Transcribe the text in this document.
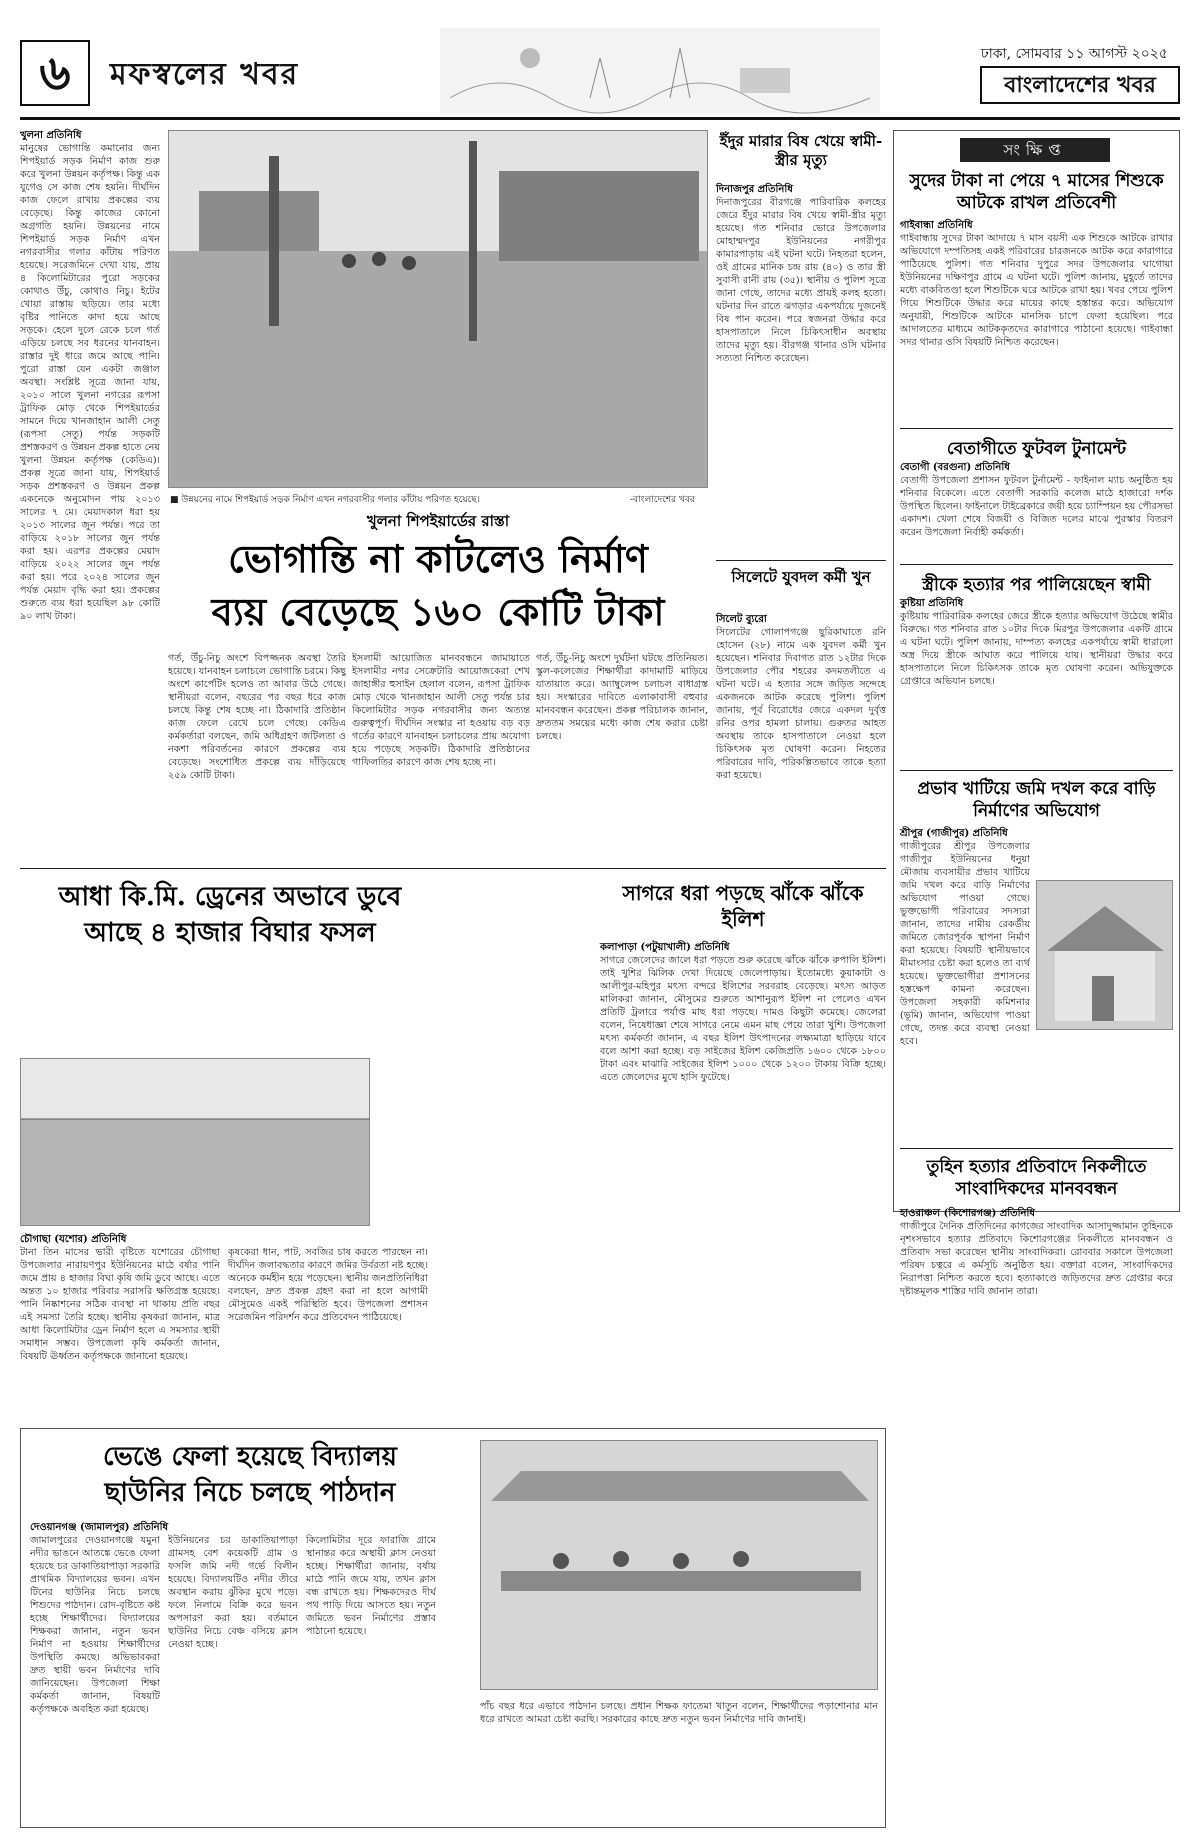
৬	মফস্বলের খবর
ঢাকা, সোমবার ১১ আগস্ট ২০২৫
বাংলাদেশের খবর
খুলনা প্রতিনিধি
মানুষের ভোগান্তি কমানোর জন্য শিপইয়ার্ড সড়ক নির্মাণ কাজ শুরু করে খুলনা উন্নয়ন কর্তৃপক্ষ। কিন্তু এক যুগেও সে কাজ শেষ হয়নি। দীর্ঘদিন কাজ ফেলে রাখায় প্রকল্পের ব্যয় বেড়েছে। কিন্তু কাজের কোনো অগ্রগতি হয়নি। উন্নয়নের নামে শিপইয়ার্ড সড়ক নির্মাণ এখন নগরবাসীর গলার কাঁটায় পরিণত হয়েছে। সরেজমিনে দেখা যায়, প্রায় ৪ কিলোমিটারের পুরো সড়কের কোথাও উঁচু, কোথাও নিচু। ইটের খোয়া রাস্তায় ছড়িয়ে। তার মধ্যে বৃষ্টির পানিতে কাদা হয়ে আছে সড়কে। হেলে দুলে রেকে চলে গর্ত এড়িয়ে চলছে সব ধরনের যানবাহন। রাস্তার দুই ধারে জমে আছে পানি। পুরো রাস্তা যেন একটা জঞ্জাল অবস্থা। সংশ্লিষ্ট সূত্রে জানা যায়, ২০১০ সালে খুলনা নগরের রূপসা ট্রাফিক মোড় থেকে শিপইয়ার্ডের সামনে দিয়ে খানজাহান আলী সেতু (রূপসা সেতু) পর্যন্ত সড়কটি প্রশস্তকরণ ও উন্নয়ন প্রকল্প হাতে নেয় খুলনা উন্নয়ন কর্তৃপক্ষ (কেডিএ)। প্রকল্প সূত্রে জানা যায়, শিপইয়ার্ড সড়ক প্রশস্তকরণ ও উন্নয়ন প্রকল্প একনেকে অনুমোদন পায় ২০১৩ সালের ৭ মে। মেয়াদকাল ধরা হয় ২০১৩ সালের জুন পর্যন্ত। পরে তা বাড়িয়ে ২০১৮ সালের জুন পর্যন্ত করা হয়। এরপর প্রকল্পের মেয়াদ বাড়িয়ে ২০২২ সালের জুন পর্যন্ত করা হয়। পরে ২০২৪ সালের জুন পর্যন্ত মেয়াদ বৃদ্ধি করা হয়। প্রকল্পের শুরুতে ব্যয় ধরা হয়েছিল ৯৮ কোটি ৯০ লাখ টাকা।
■ উন্নয়নের নামে শিপইয়ার্ড সড়ক নির্মাণ এখন নগরবাসীর গলার কাঁটায় পরিণত হয়েছে।	-বাংলাদেশের খবর
খুলনা শিপইয়ার্ডের রাস্তা
ভোগান্তি না কাটলেও নির্মাণ
ব্যয় বেড়েছে ১৬০ কোটি টাকা
গর্ত, উঁচু-নিচু অংশে বিপজ্জনক অবস্থা তৈরি হয়েছে। যানবাহন চলাচলে ভোগান্তি চরমে। কিছু অংশে কার্পেটিং হলেও তা আবার উঠে গেছে। স্থানীয়রা বলেন, বছরের পর বছর ধরে কাজ চলছে কিন্তু শেষ হচ্ছে না। ঠিকাদারি প্রতিষ্ঠান কাজ ফেলে রেখে চলে গেছে। কেডিএ কর্মকর্তারা বলছেন, জমি অধিগ্রহণ জটিলতা ও নকশা পরিবর্তনের কারণে প্রকল্পের ব্যয় বেড়েছে। সংশোধিত প্রকল্পে ব্যয় দাঁড়িয়েছে ২৫৯ কোটি টাকা।
ইসলামী আয়োজিত মানববন্ধনে জামায়াতে ইসলামীর নগর সেক্রেটারি আয়োজকেরা শেখ জাহাঙ্গীর হুসাইন হেলাল বলেন, রূপসা ট্রাফিক মোড় থেকে খানজাহান আলী সেতু পর্যন্ত চার কিলোমিটার সড়ক নগরবাসীর জন্য অত্যন্ত গুরুত্বপূর্ণ। দীর্ঘদিন সংস্কার না হওয়ায় বড় বড় গর্তের কারণে যানবাহন চলাচলের প্রায় অযোগ্য হয়ে পড়েছে সড়কটি। ঠিকাদারি প্রতিষ্ঠানের গাফিলতির কারণে কাজ শেষ হচ্ছে না।
গর্ত, উঁচু-নিচু অংশে দুর্ঘটনা ঘটছে প্রতিনিয়ত। স্কুল-কলেজের শিক্ষার্থীরা কাদামাটি মাড়িয়ে যাতায়াত করে। অ্যাম্বুলেন্স চলাচল বাধাগ্রস্ত হয়। সংস্কারের দাবিতে এলাকাবাসী বহুবার মানববন্ধন করেছেন। প্রকল্প পরিচালক জানান, দ্রুততম সময়ের মধ্যে কাজ শেষ করার চেষ্টা চলছে।
ইঁদুর মারার বিষ খেয়ে স্বামী-স্ত্রীর মৃত্যু
দিনাজপুর প্রতিনিধি
দিনাজপুরের বীরগঞ্জে পারিবারিক কলহের জেরে ইঁদুর মারার বিষ খেয়ে স্বামী-স্ত্রীর মৃত্যু হয়েছে। গত শনিবার ভোরে উপজেলার মোহাম্মদপুর ইউনিয়নের নগরীপুর কামারপাড়ায় এই ঘটনা ঘটে। নিহতরা হলেন, ওই গ্রামের মানিক চন্দ্র রায় (৪০) ও তার স্ত্রী সুবাসী রানী রায় (৩৫)। স্থানীয় ও পুলিশ সূত্রে জানা গেছে, তাদের মধ্যে প্রায়ই কলহ হতো। ঘটনার দিন রাতে ঝগড়ার একপর্যায়ে দুজনেই বিষ পান করেন। পরে স্বজনরা উদ্ধার করে হাসপাতালে নিলে চিকিৎসাধীন অবস্থায় তাদের মৃত্যু হয়। বীরগঞ্জ থানার ওসি ঘটনার সত্যতা নিশ্চিত করেছেন।
সিলেটে যুবদল কর্মী খুন
সিলেট ব্যুরো
সিলেটের গোলাপগঞ্জে ছুরিকাঘাতে রনি হোসেন (২৮) নামে এক যুবদল কর্মী খুন হয়েছেন। শনিবার দিবাগত রাত ১২টার দিকে উপজেলার পৌর শহরের কদমতলীতে এ ঘটনা ঘটে। এ হত্যার সঙ্গে জড়িত সন্দেহে একজনকে আটক করেছে পুলিশ। পুলিশ জানায়, পূর্ব বিরোধের জেরে একদল দুর্বৃত্ত রনির ওপর হামলা চালায়। গুরুতর আহত অবস্থায় তাকে হাসপাতালে নেওয়া হলে চিকিৎসক মৃত ঘোষণা করেন। নিহতের পরিবারের দাবি, পরিকল্পিতভাবে তাকে হত্যা করা হয়েছে।
সংক্ষিপ্ত
সুদের টাকা না পেয়ে ৭ মাসের শিশুকে আটকে রাখল প্রতিবেশী
গাইবান্ধা প্রতিনিধি
গাইবান্ধায় সুদের টাকা আদায়ে ৭ মাস বয়সী এক শিশুকে আটকে রাখার অভিযোগে দম্পতিসহ একই পরিবারের চারজনকে আটক করে কারাগারে পাঠিয়েছে পুলিশ। গত শনিবার দুপুরে সদর উপজেলার ঘাগোয়া ইউনিয়নের দক্ষিণপুর গ্রামে এ ঘটনা ঘটে। পুলিশ জানায়, মুহূর্তে তাদের মধ্যে বাকবিতণ্ডা হলে শিশুটিকে ঘরে আটকে রাখা হয়। খবর পেয়ে পুলিশ গিয়ে শিশুটিকে উদ্ধার করে মায়ের কাছে হস্তান্তর করে। অভিযোগ অনুযায়ী, শিশুটিকে আটকে মানসিক চাপে ফেলা হয়েছিল। পরে আদালতের মাধ্যমে আটককৃতদের কারাগারে পাঠানো হয়েছে। গাইবান্ধা সদর থানার ওসি বিষয়টি নিশ্চিত করেছেন।
বেতাগীতে ফুটবল টুনামেন্ট
বেতাগী (বরগুনা) প্রতিনিধি
বেতাগী উপজেলা প্রশাসন ফুটবল টুর্নামেন্ট - ফাইনাল ম্যাচ অনুষ্ঠিত হয় শনিবার বিকেলে। এতে বেতাগী সরকারি কলেজ মাঠে হাজারো দর্শক উপস্থিত ছিলেন। ফাইনালে টাইব্রেকারে জয়ী হয়ে চ্যাম্পিয়ন হয় পৌরসভা একাদশ। খেলা শেষে বিজয়ী ও বিজিত দলের মাঝে পুরস্কার বিতরণ করেন উপজেলা নির্বাহী কর্মকর্তা।
স্ত্রীকে হত্যার পর পালিয়েছেন স্বামী
কুষ্টিয়া প্রতিনিধি
কুষ্টিয়ায় পারিবারিক কলহের জেরে স্ত্রীকে হত্যার অভিযোগ উঠেছে স্বামীর বিরুদ্ধে। গত শনিবার রাত ১০টার দিকে মিরপুর উপজেলার একটি গ্রামে এ ঘটনা ঘটে। পুলিশ জানায়, দাম্পত্য কলহের একপর্যায়ে স্বামী ধারালো অস্ত্র দিয়ে স্ত্রীকে আঘাত করে পালিয়ে যায়। স্থানীয়রা উদ্ধার করে হাসপাতালে নিলে চিকিৎসক তাকে মৃত ঘোষণা করেন। অভিযুক্তকে গ্রেপ্তারে অভিযান চলছে।
প্রভাব খাটিয়ে জমি দখল করে বাড়ি নির্মাণের অভিযোগ
শ্রীপুর (গাজীপুর) প্রতিনিধি
গাজীপুরের শ্রীপুর উপজেলার গাজীপুর ইউনিয়নের ধনুয়া মৌজায় ব্যবসায়ীর প্রভাব খাটিয়ে জমি দখল করে বাড়ি নির্মাণের অভিযোগ পাওয়া গেছে। ভুক্তভোগী পরিবারের সদস্যরা জানান, তাদের নামীয় রেকর্ডীয় জমিতে জোরপূর্বক স্থাপনা নির্মাণ করা হয়েছে। বিষয়টি স্থানীয়ভাবে মীমাংসার চেষ্টা করা হলেও তা ব্যর্থ হয়েছে। ভুক্তভোগীরা প্রশাসনের হস্তক্ষেপ কামনা করেছেন। উপজেলা সহকারী কমিশনার (ভূমি) জানান, অভিযোগ পাওয়া গেছে, তদন্ত করে ব্যবস্থা নেওয়া হবে।
তুহিন হত্যার প্রতিবাদে নিকলীতে সাংবাদিকদের মানববন্ধন
হাওরাঞ্চল (কিশোরগঞ্জ) প্রতিনিধি
গাজীপুরে দৈনিক প্রতিদিনের কাগজের সাংবাদিক আসাদুজ্জামান তুহিনকে নৃশংসভাবে হত্যার প্রতিবাদে কিশোরগঞ্জের নিকলীতে মানববন্ধন ও প্রতিবাদ সভা করেছেন স্থানীয় সাংবাদিকরা। রোববার সকালে উপজেলা পরিষদ চত্বরে এ কর্মসূচি অনুষ্ঠিত হয়। বক্তারা বলেন, সাংবাদিকদের নিরাপত্তা নিশ্চিত করতে হবে। হত্যাকাণ্ডে জড়িতদের দ্রুত গ্রেপ্তার করে দৃষ্টান্তমূলক শাস্তির দাবি জানান তারা।
আধা কি.মি. ড্রেনের অভাবে ডুবে
আছে ৪ হাজার বিঘার ফসল
চৌগাছা (যশোর) প্রতিনিধি
টানা তিন মাসের ভারী বৃষ্টিতে যশোরের চৌগাছা উপজেলার নারায়ণপুর ইউনিয়নের মাঠে বর্ষার পানি জমে প্রায় ৪ হাজার বিঘা কৃষি জমি ডুবে আছে। এতে অন্তত ১০ হাজার পরিবার সরাসরি ক্ষতিগ্রস্ত হয়েছে। পানি নিষ্কাশনের সঠিক ব্যবস্থা না থাকায় প্রতি বছর এই সমস্যা তৈরি হচ্ছে। স্থানীয় কৃষকরা জানান, মাত্র আধা কিলোমিটার ড্রেন নির্মাণ হলে এ সমস্যার স্থায়ী সমাধান সম্ভব। উপজেলা কৃষি কর্মকর্তা জানান, বিষয়টি ঊর্ধ্বতন কর্তৃপক্ষকে জানানো হয়েছে।
কৃষকেরা ধান, পাট, সবজির চাষ করতে পারছেন না। দীর্ঘদিন জলাবদ্ধতার কারণে জমির উর্বরতা নষ্ট হচ্ছে। অনেকে কর্মহীন হয়ে পড়েছেন। স্থানীয় জনপ্রতিনিধিরা বলছেন, দ্রুত প্রকল্প গ্রহণ করা না হলে আগামী মৌসুমেও একই পরিস্থিতি হবে। উপজেলা প্রশাসন সরেজমিন পরিদর্শন করে প্রতিবেদন পাঠিয়েছে।
সাগরে ধরা পড়ছে ঝাঁকে ঝাঁকে ইলিশ
কলাপাড়া (পটুয়াখালী) প্রতিনিধি
সাগরে জেলেদের জালে ধরা পড়তে শুরু করেছে ঝাঁকে ঝাঁকে রুপালি ইলিশ। তাই খুশির ঝিলিক দেখা দিয়েছে জেলেপাড়ায়। ইতোমধ্যে কুয়াকাটা ও আলীপুর-মহিপুর মৎস্য বন্দরে ইলিশের সরবরাহ বেড়েছে। মৎস্য আড়ত মালিকরা জানান, মৌসুমের শুরুতে আশানুরূপ ইলিশ না পেলেও এখন প্রতিটি ট্রলারে পর্যাপ্ত মাছ ধরা পড়ছে। দামও কিছুটা কমেছে। জেলেরা বলেন, নিষেধাজ্ঞা শেষে সাগরে নেমে এমন মাছ পেয়ে তারা খুশি। উপজেলা মৎস্য কর্মকর্তা জানান, এ বছর ইলিশ উৎপাদনের লক্ষ্যমাত্রা ছাড়িয়ে যাবে বলে আশা করা হচ্ছে। বড় সাইজের ইলিশ কেজিপ্রতি ১৬০০ থেকে ১৮০০ টাকা এবং মাঝারি সাইজের ইলিশ ১০০০ থেকে ১২০০ টাকায় বিক্রি হচ্ছে। এতে জেলেদের মুখে হাসি ফুটেছে।
ভেঙে ফেলা হয়েছে বিদ্যালয়
ছাউনির নিচে চলছে পাঠদান
দেওয়ানগঞ্জ (জামালপুর) প্রতিনিধি
জামালপুরের দেওয়ানগঞ্জে যমুনা নদীর ভাঙনে আতঙ্কে ভেঙে ফেলা হয়েছে চর ডাকাতিয়াপাড়া সরকারি প্রাথমিক বিদ্যালয়ের ভবন। এখন টিনের ছাউনির নিচে চলছে শিশুদের পাঠদান। রোদ-বৃষ্টিতে কষ্ট হচ্ছে শিক্ষার্থীদের। বিদ্যালয়ের শিক্ষকরা জানান, নতুন ভবন নির্মাণ না হওয়ায় শিক্ষার্থীদের উপস্থিতি কমছে। অভিভাবকরা দ্রুত স্থায়ী ভবন নির্মাণের দাবি জানিয়েছেন। উপজেলা শিক্ষা কর্মকর্তা জানান, বিষয়টি কর্তৃপক্ষকে অবহিত করা হয়েছে।
ইউনিয়নের চর ডাকাতিয়াপাড়া গ্রামসহ বেশ কয়েকটি গ্রাম ও ফসলি জমি নদী গর্ভে বিলীন হয়েছে। বিদ্যালয়টিও নদীর তীরে অবস্থান করায় ঝুঁকির মুখে পড়ে। ফলে নিলামে বিক্রি করে ভবন অপসারণ করা হয়। বর্তমানে ছাউনির নিচে বেঞ্চ বসিয়ে ক্লাস নেওয়া হচ্ছে।
কিলোমিটার দূরে ফারাজি গ্রামে স্থানান্তর করে অস্থায়ী ক্লাস নেওয়া হচ্ছে। শিক্ষার্থীরা জানায়, বর্ষায় মাঠে পানি জমে যায়, তখন ক্লাস বন্ধ রাখতে হয়। শিক্ষকদেরও দীর্ঘ পথ পাড়ি দিয়ে আসতে হয়। নতুন জমিতে ভবন নির্মাণের প্রস্তাব পাঠানো হয়েছে।
পাঁচ বছর ধরে এভাবে পাঠদান চলছে। প্রধান শিক্ষক ফাতেমা খাতুন বলেন, শিক্ষার্থীদের পড়াশোনার মান ধরে রাখতে আমরা চেষ্টা করছি। সরকারের কাছে দ্রুত নতুন ভবন নির্মাণের দাবি জানাই।
